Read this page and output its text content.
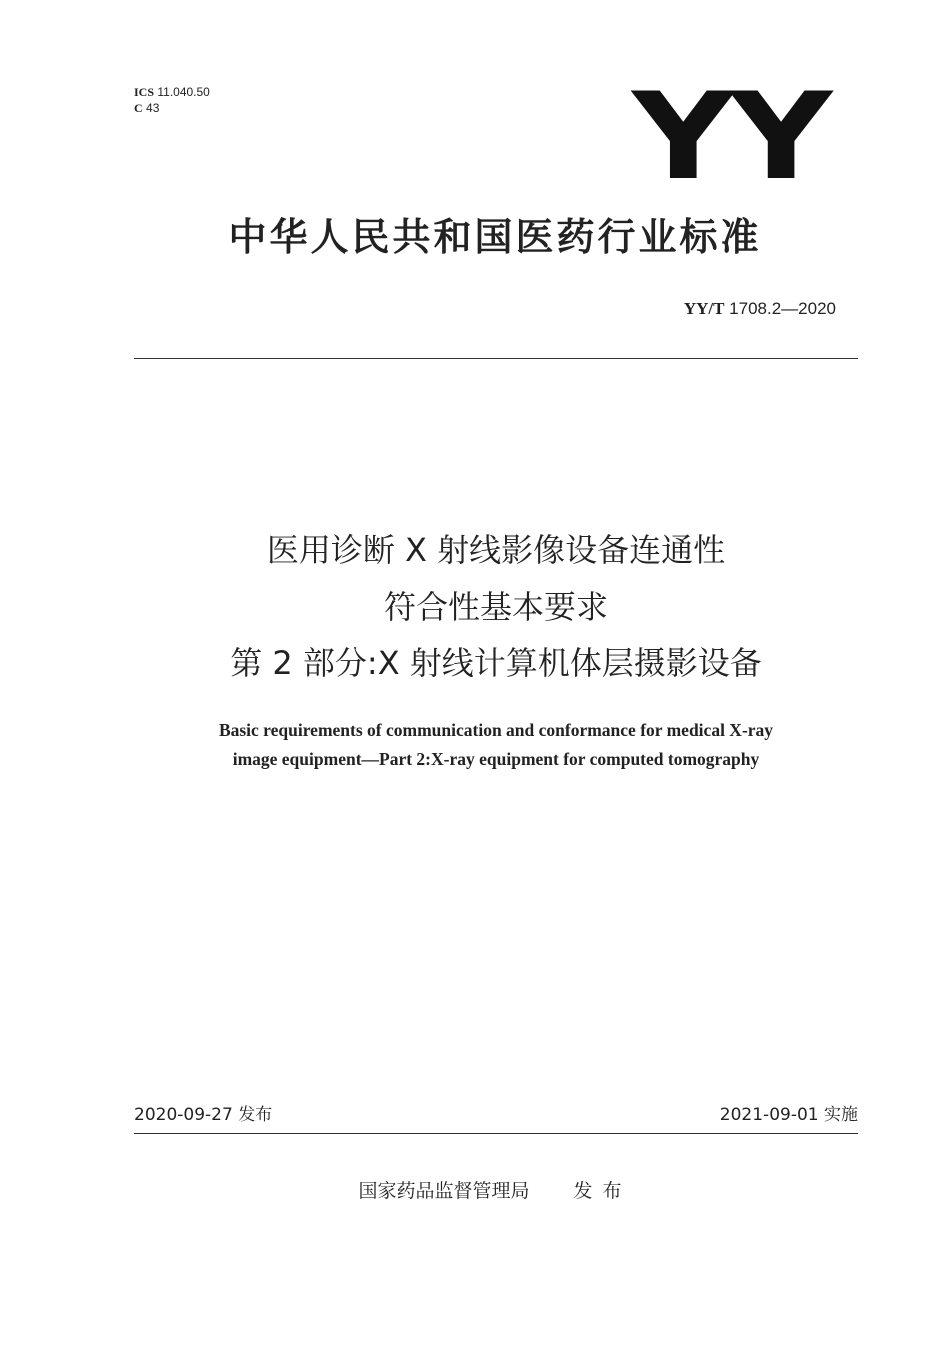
ICS 11.040.50
C 43	YY
中华人民共和国医药行业标准
YY/T 1708.2—2020
医用诊断 X 射线影像设备连通性
符合性基本要求
第 2 部分:X 射线计算机体层摄影设备
Basic requirements of communication and conformance for medical X-ray
image equipment—Part 2:X-ray equipment for computed tomography
2020-09-27 发布	2021-09-01 实施
国家药品监督管理局 发布
